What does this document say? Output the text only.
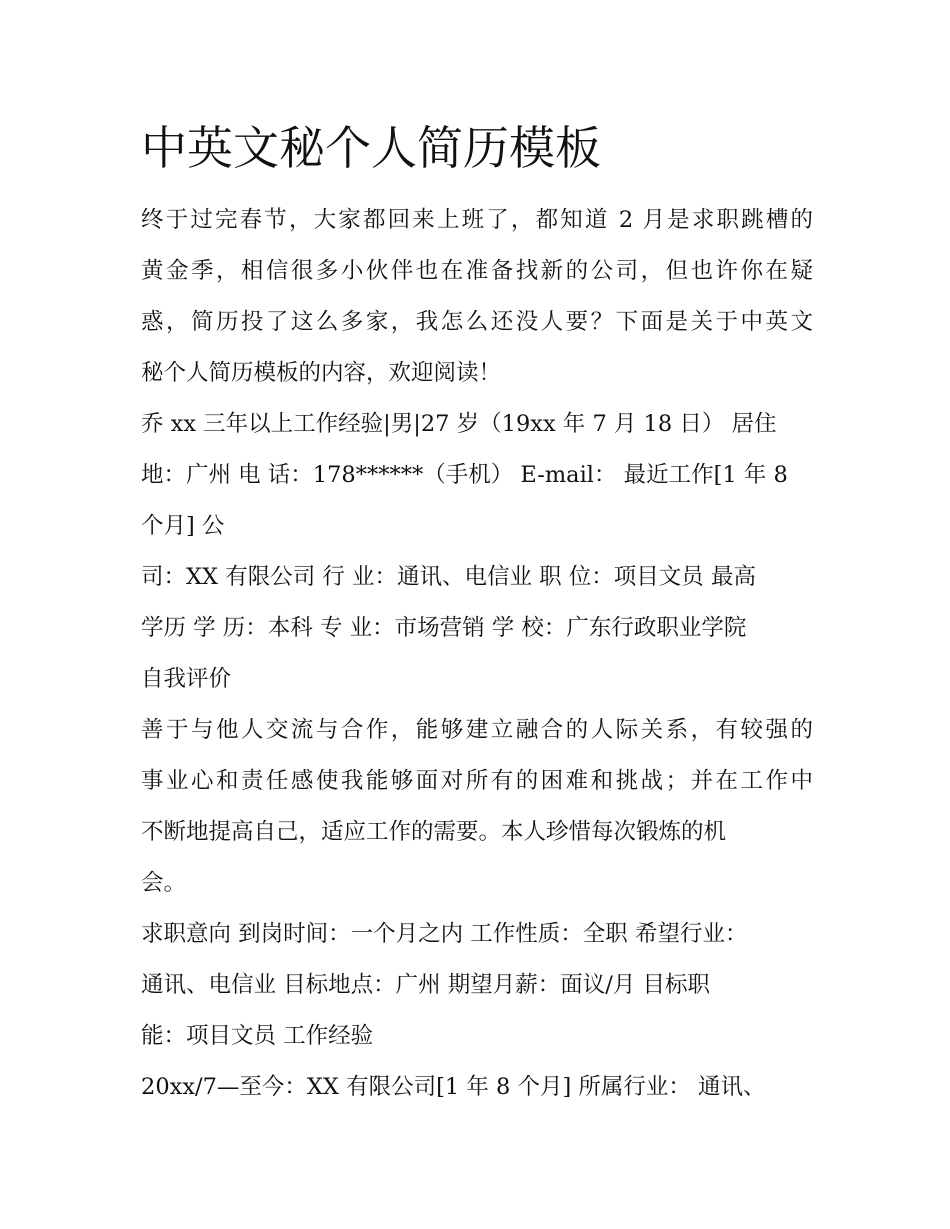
中英文秘个人简历模板
终于过完春节，大家都回来上班了，都知道 2 月是求职跳槽的
黄金季，相信很多小伙伴也在准备找新的公司，但也许你在疑
惑，简历投了这么多家，我怎么还没人要？下面是关于中英文
秘个人简历模板的内容，欢迎阅读！
乔 xx 三年以上工作经验|男|27 岁（19xx 年 7 月 18 日） 居住
地：广州 电 话：178******（手机） E-mail： 最近工作[1 年 8
个月] 公
司：XX 有限公司 行 业：通讯、电信业 职 位：项目文员 最高
学历 学 历：本科 专 业：市场营销 学 校：广东行政职业学院
自我评价
善于与他人交流与合作，能够建立融合的人际关系，有较强的
事业心和责任感使我能够面对所有的困难和挑战；并在工作中
不断地提高自己，适应工作的需要。本人珍惜每次锻炼的机
会。
求职意向 到岗时间：一个月之内 工作性质：全职 希望行业：
通讯、电信业 目标地点：广州 期望月薪：面议/月 目标职
能：项目文员 工作经验
20xx/7—至今：XX 有限公司[1 年 8 个月] 所属行业： 通讯、
